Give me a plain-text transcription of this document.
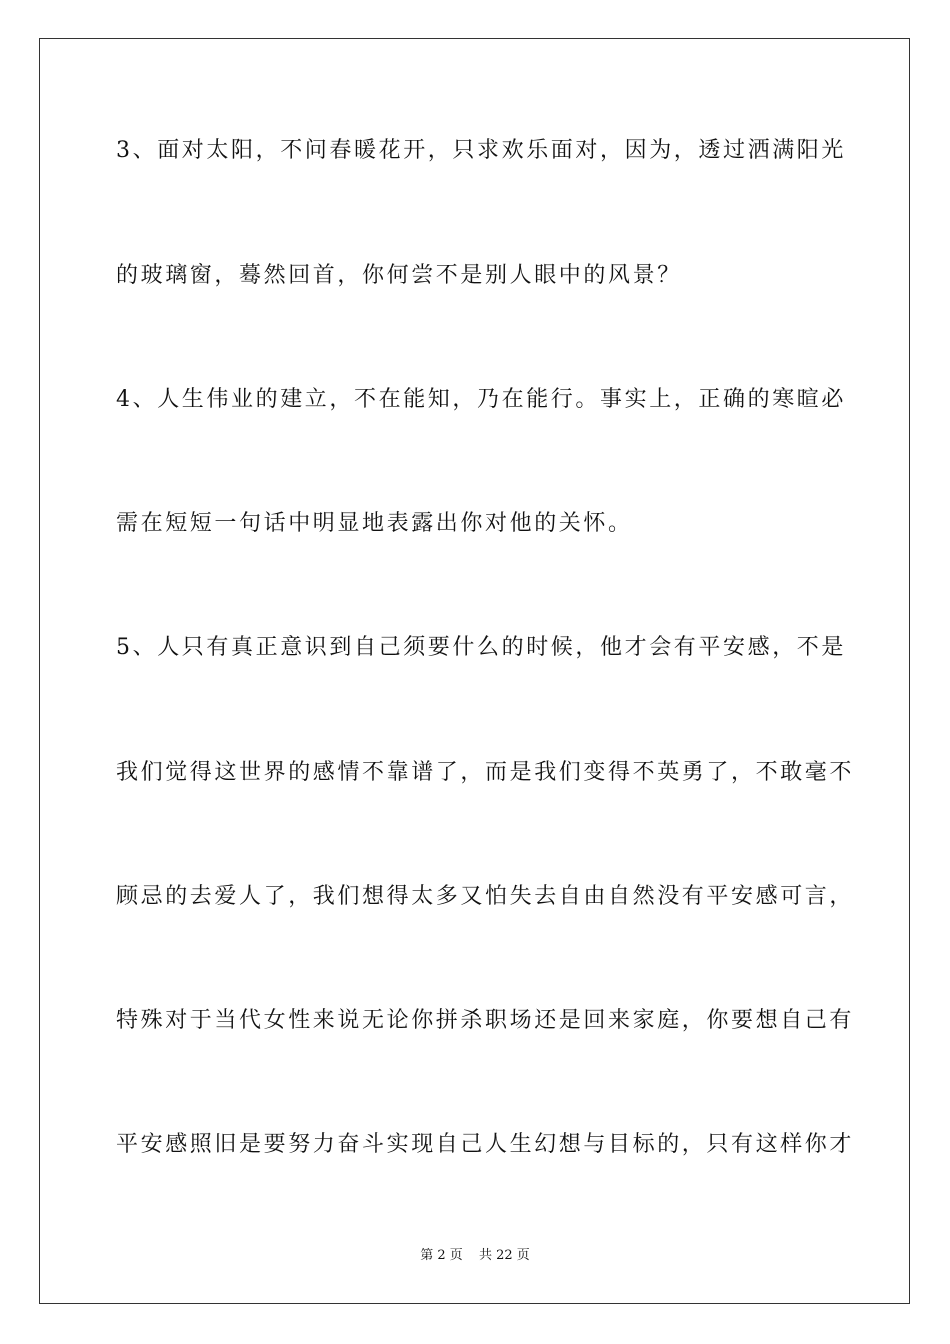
3、面对太阳，不问春暖花开，只求欢乐面对，因为，透过洒满阳光
的玻璃窗，蓦然回首，你何尝不是别人眼中的风景？
4、人生伟业的建立，不在能知，乃在能行。事实上，正确的寒暄必
需在短短一句话中明显地表露出你对他的关怀。
5、人只有真正意识到自己须要什么的时候，他才会有平安感，不是
我们觉得这世界的感情不靠谱了，而是我们变得不英勇了，不敢毫不
顾忌的去爱人了，我们想得太多又怕失去自由自然没有平安感可言，
特殊对于当代女性来说无论你拼杀职场还是回来家庭，你要想自己有
平安感照旧是要努力奋斗实现自己人生幻想与目标的，只有这样你才
第 2 页 共 22 页
